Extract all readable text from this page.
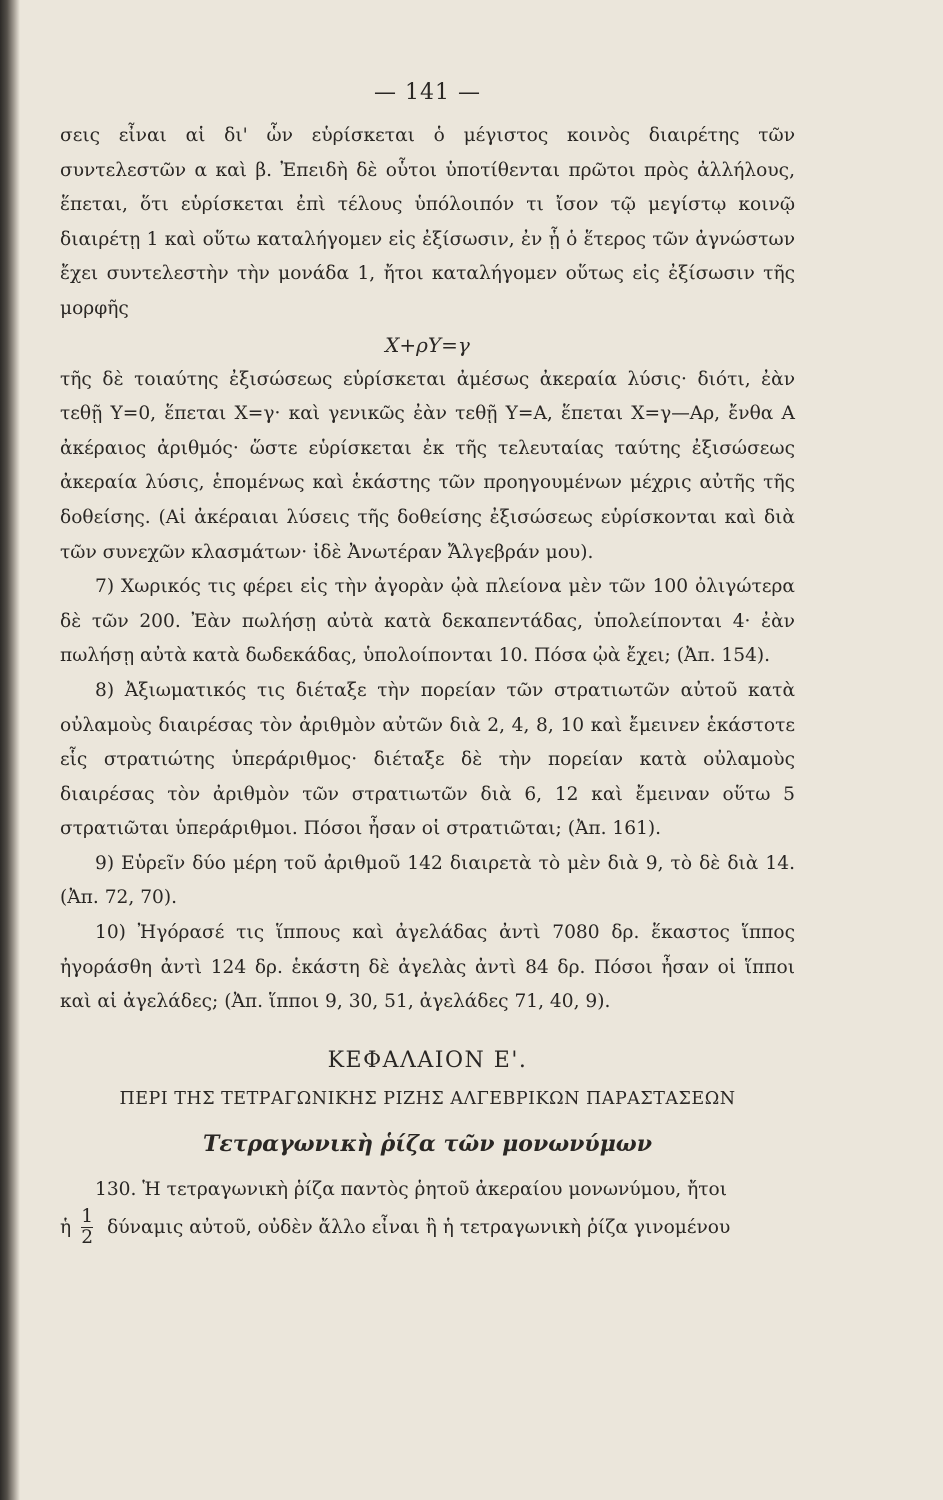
— 141 —

σεις εἶναι αἱ δι' ὧν εὑρίσκεται ὁ μέγιστος κοινὸς διαιρέτης τῶν συντελεστῶν α καὶ β. Ἐπειδὴ δὲ οὗτοι ὑποτίθενται πρῶτοι πρὸς ἀλλήλους, ἕπεται, ὅτι εὑρίσκεται ἐπὶ τέλους ὑπόλοιπόν τι ἴσον τῷ μεγίστῳ κοινῷ διαιρέτῃ 1 καὶ οὕτω καταλήγομεν εἰς ἐξίσωσιν, ἐν ᾗ ὁ ἕτερος τῶν ἀγνώστων ἔχει συντελεστὴν τὴν μονάδα 1, ἤτοι καταλήγομεν οὕτως εἰς ἐξίσωσιν τῆς μορφῆς

X+ρY=γ

τῆς δὲ τοιαύτης ἐξισώσεως εὑρίσκεται ἀμέσως ἀκεραία λύσις· διότι, ἐὰν τεθῇ Y=0, ἕπεται X=γ· καὶ γενικῶς ἐὰν τεθῇ Y=A, ἕπεται X=γ—Aρ, ἔνθα A ἀκέραιος ἀριθμός· ὥστε εὑρίσκεται ἐκ τῆς τελευταίας ταύτης ἐξισώσεως ἀκεραία λύσις, ἑπομένως καὶ ἑκάστης τῶν προηγουμένων μέχρις αὐτῆς τῆς δοθείσης. (Αἱ ἀκέραιαι λύσεις τῆς δοθείσης ἐξισώσεως εὑρίσκονται καὶ διὰ τῶν συνεχῶν κλασμάτων· ἰδὲ Ἀνωτέραν Ἄλγεβράν μου).

7) Χωρικός τις φέρει εἰς τὴν ἀγορὰν ᾠὰ πλείονα μὲν τῶν 100 ὀλιγώτερα δὲ τῶν 200. Ἐὰν πωλήσῃ αὐτὰ κατὰ δεκαπεντάδας, ὑπολείπονται 4· ἐὰν πωλήσῃ αὐτὰ κατὰ δωδεκάδας, ὑπολοίπονται 10. Πόσα ᾠὰ ἔχει; (Ἀπ. 154).

8) Ἀξιωματικός τις διέταξε τὴν πορείαν τῶν στρατιωτῶν αὐτοῦ κατὰ οὐλαμοὺς διαιρέσας τὸν ἀριθμὸν αὐτῶν διὰ 2, 4, 8, 10 καὶ ἔμεινεν ἑκάστοτε εἷς στρατιώτης ὑπεράριθμος· διέταξε δὲ τὴν πορείαν κατὰ οὐλαμοὺς διαιρέσας τὸν ἀριθμὸν τῶν στρατιωτῶν διὰ 6, 12 καὶ ἔμειναν οὕτω 5 στρατιῶται ὑπεράριθμοι. Πόσοι ἦσαν οἱ στρατιῶται; (Ἀπ. 161).

9) Εὑρεῖν δύο μέρη τοῦ ἀριθμοῦ 142 διαιρετὰ τὸ μὲν διὰ 9, τὸ δὲ διὰ 14. (Ἀπ. 72, 70).

10) Ἠγόρασέ τις ἵππους καὶ ἀγελάδας ἀντὶ 7080 δρ. ἕκαστος ἵππος ἠγοράσθη ἀντὶ 124 δρ. ἑκάστη δὲ ἀγελὰς ἀντὶ 84 δρ. Πόσοι ἦσαν οἱ ἵπποι καὶ αἱ ἀγελάδες; (Ἀπ. ἵπποι 9, 30, 51, ἀγελάδες 71, 40, 9).

ΚΕΦΑΛΑΙΟΝ Ε'.
ΠΕΡΙ ΤΗΣ ΤΕΤΡΑΓΩΝΙΚΗΣ ΡΙΖΗΣ ΑΛΓΕΒΡΙΚΩΝ ΠΑΡΑΣΤΑΣΕΩΝ
Τετραγωνικὴ ῥίζα τῶν μονωνύμων

130. Ἡ τετραγωνικὴ ῥίζα παντὸς ῥητοῦ ἀκεραίου μονωνύμου, ἤτοι

ἡ $\frac{1}{2}$ δύναμις αὐτοῦ, οὐδὲν ἄλλο εἶναι ἢ ἡ τετραγωνικὴ ῥίζα γινομένου
